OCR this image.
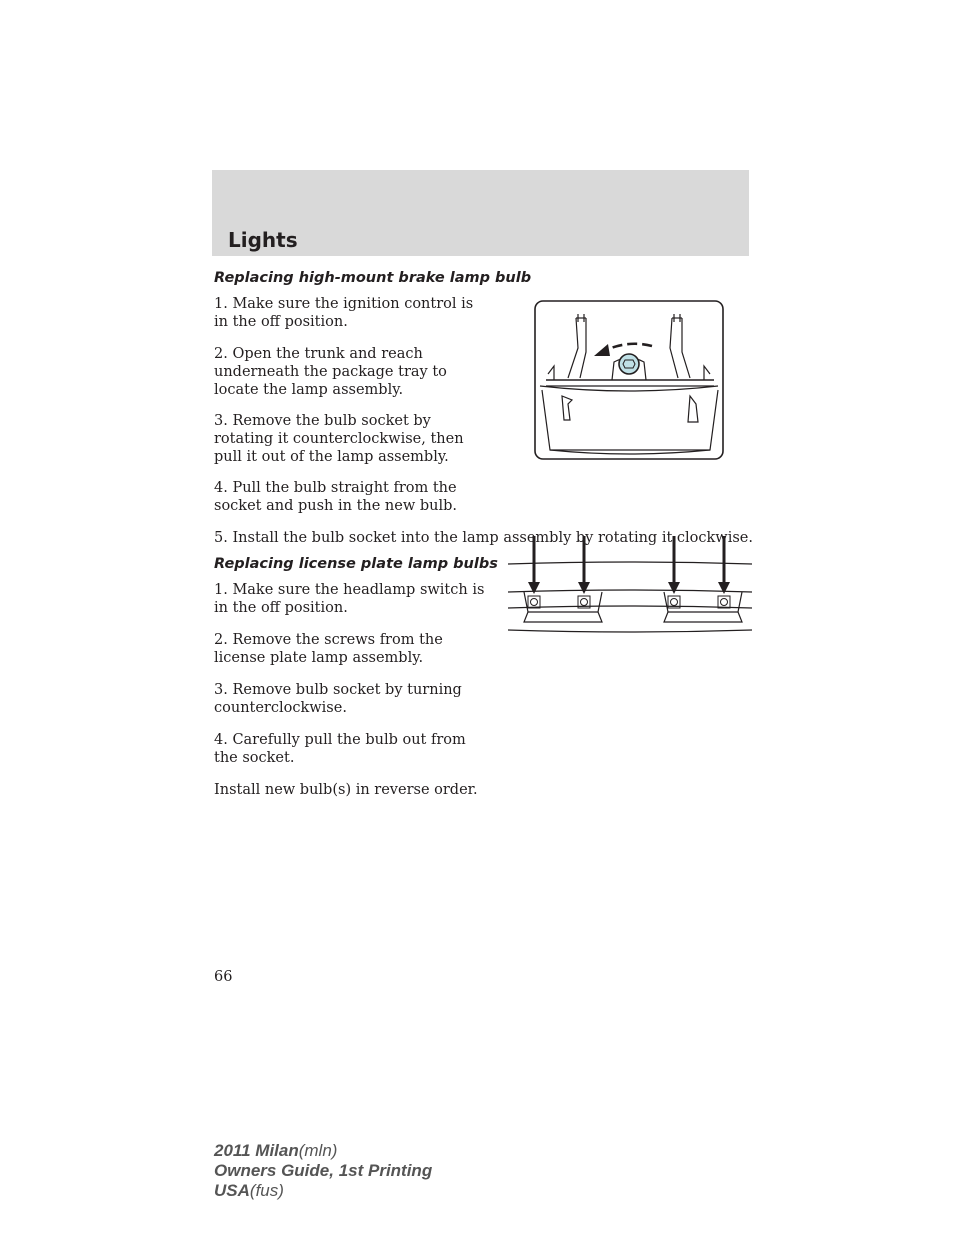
Lights
Replacing high-mount brake lamp bulb
1. Make sure the ignition control is
in the off position.
2. Open the trunk and reach
underneath the package tray to
locate the lamp assembly.
3. Remove the bulb socket by
rotating it counterclockwise, then
pull it out of the lamp assembly.
4. Pull the bulb straight from the
socket and push in the new bulb.
5. Install the bulb socket into the lamp assembly by rotating it clockwise.
Replacing license plate lamp bulbs
1. Make sure the headlamp switch is
in the off position.
2. Remove the screws from the
license plate lamp assembly.
3. Remove bulb socket by turning
counterclockwise.
4. Carefully pull the bulb out from
the socket.
Install new bulb(s) in reverse order.
66
2011 Milan(mln)
Owners Guide, 1st Printing
USA(fus)
